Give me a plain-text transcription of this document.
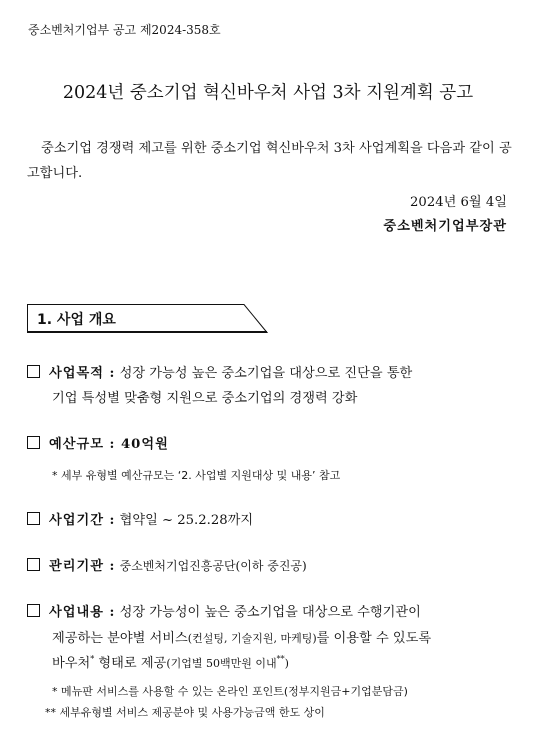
중소벤처기업부 공고 제2024-358호
2024년 중소기업 혁신바우처 사업 3차 지원계획 공고
중소기업 경쟁력 제고를 위한 중소기업 혁신바우처 3차 사업계획을 다음과 같이 공고합니다.
2024년 6월 4일
중소벤처기업부장관
1. 사업 개요
사업목적 : 성장 가능성 높은 중소기업을 대상으로 진단을 통한
기업 특성별 맞춤형 지원으로 중소기업의 경쟁력 강화
예산규모 : 40억원
* 세부 유형별 예산규모는 ‘2. 사업별 지원대상 및 내용’ 참고
사업기간 : 협약일 ~ 25.2.28까지
관리기관 : 중소벤처기업진흥공단(이하 중진공)
사업내용 : 성장 가능성이 높은 중소기업을 대상으로 수행기관이
제공하는 분야별 서비스(컨설팅, 기술지원, 마케팅)를 이용할 수 있도록
바우처* 형태로 제공(기업별 50백만원 이내**)
* 메뉴판 서비스를 사용할 수 있는 온라인 포인트(정부지원금+기업분담금)
** 세부유형별 서비스 제공분야 및 사용가능금액 한도 상이
